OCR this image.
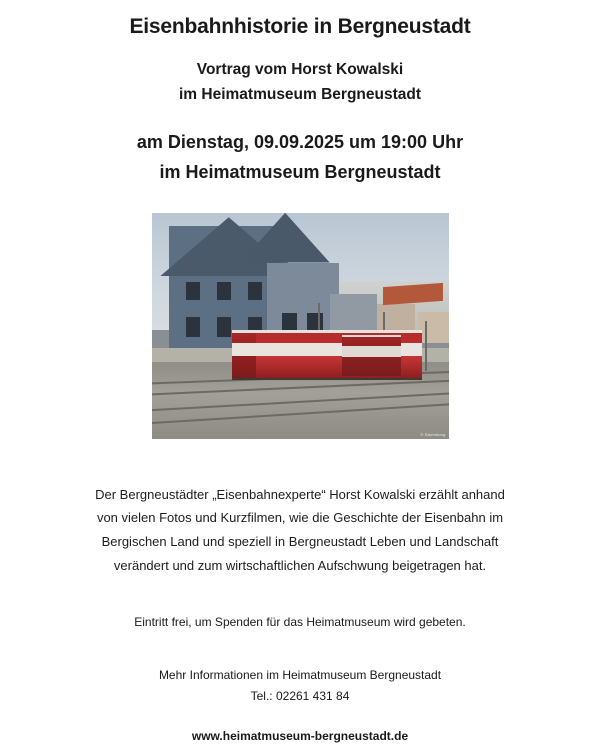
Eisenbahnhistorie in Bergneustadt
Vortrag vom Horst Kowalski
im Heimatmuseum Bergneustadt
am Dienstag, 09.09.2025 um 19:00 Uhr
im Heimatmuseum Bergneustadt
© Sammlung

Der Bergneustädter „Eisenbahnexperte“ Horst Kowalski erzählt anhand von vielen Fotos und Kurzfilmen, wie die Geschichte der Eisenbahn im Bergischen Land und speziell in Bergneustadt Leben und Landschaft verändert und zum wirtschaftlichen Aufschwung beigetragen hat.

Eintritt frei, um Spenden für das Heimatmuseum wird gebeten.

Mehr Informationen im Heimatmuseum Bergneustadt
Tel.: 02261 431 84
www.heimatmuseum-bergneustadt.de
